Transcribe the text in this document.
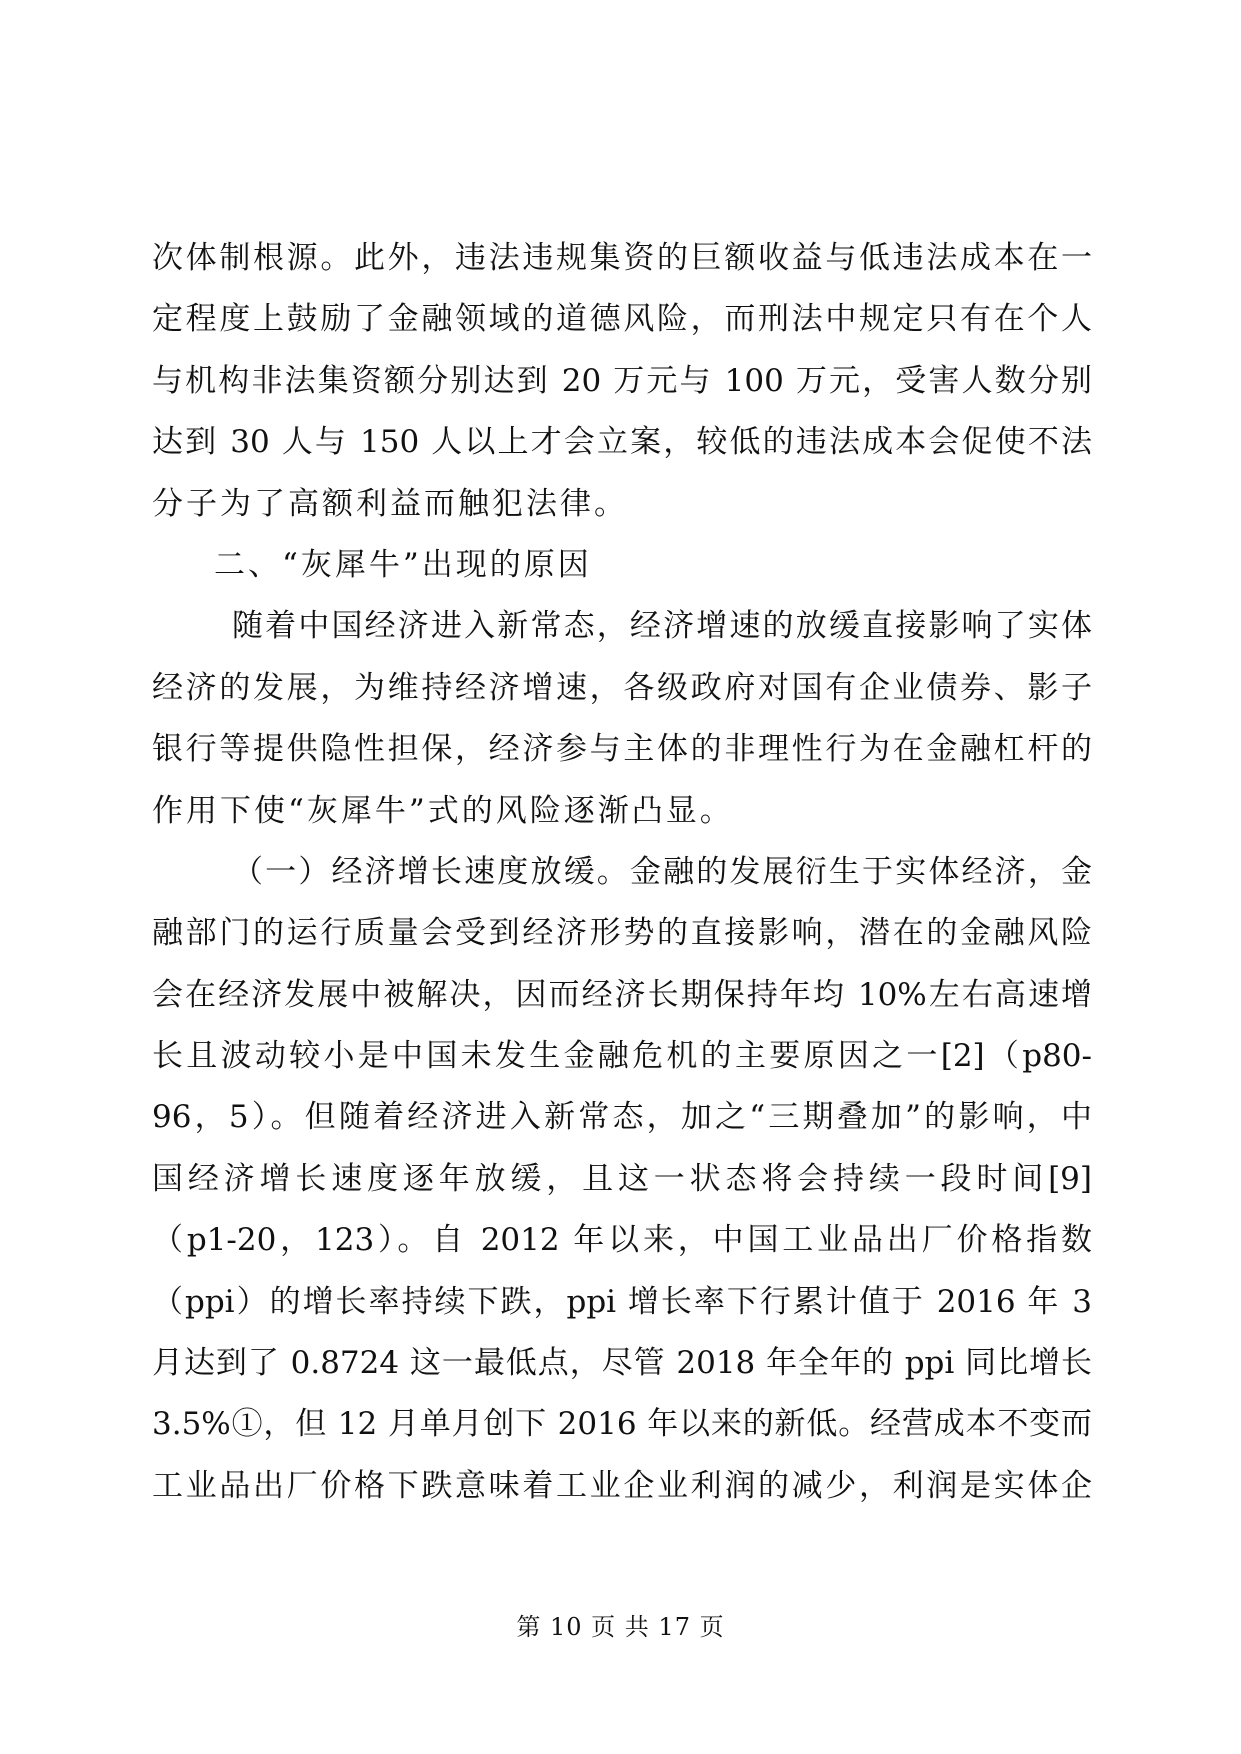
次体制根源。此外，违法违规集资的巨额收益与低违法成本在一
定程度上鼓励了金融领域的道德风险，而刑法中规定只有在个人
与机构非法集资额分别达到 20 万元与 100 万元，受害人数分别
达到 30 人与 150 人以上才会立案，较低的违法成本会促使不法
分子为了高额利益而触犯法律。
二、“灰犀牛”出现的原因
随着中国经济进入新常态，经济增速的放缓直接影响了实体
经济的发展，为维持经济增速，各级政府对国有企业债券、影子
银行等提供隐性担保，经济参与主体的非理性行为在金融杠杆的
作用下使“灰犀牛”式的风险逐渐凸显。
（一）经济增长速度放缓。金融的发展衍生于实体经济，金
融部门的运行质量会受到经济形势的直接影响，潜在的金融风险
会在经济发展中被解决，因而经济长期保持年均 10%左右高速增
长且波动较小是中国未发生金融危机的主要原因之一[2]（p80-
96，5）。但随着经济进入新常态，加之“三期叠加”的影响，中
国经济增长速度逐年放缓，且这一状态将会持续一段时间[9]
（p1-20，123）。自 2012 年以来，中国工业品出厂价格指数
（ppi）的增长率持续下跌，ppi 增长率下行累计值于 2016 年 3
月达到了 0.8724 这一最低点，尽管 2018 年全年的 ppi 同比增长
3.5%①，但 12 月单月创下 2016 年以来的新低。经营成本不变而
工业品出厂价格下跌意味着工业企业利润的减少，利润是实体企
第 10 页 共 17 页
